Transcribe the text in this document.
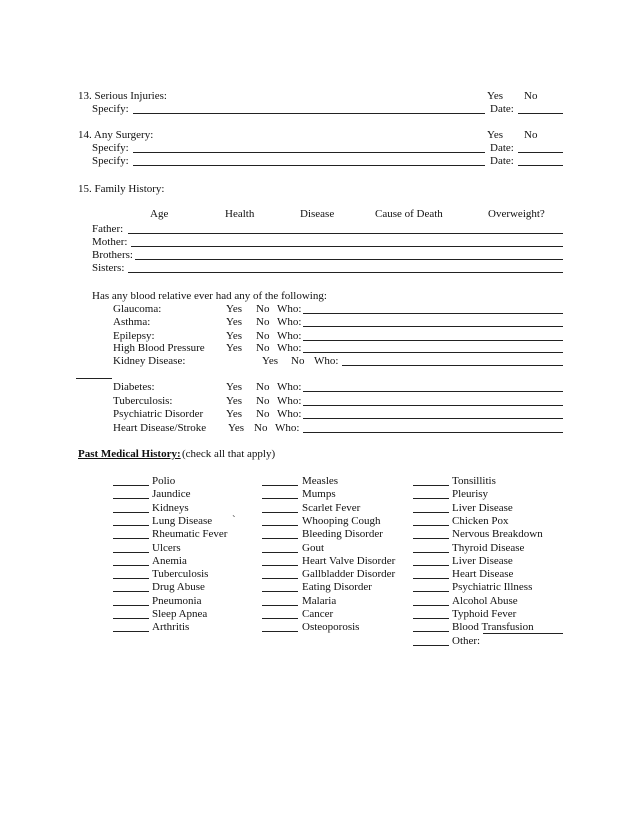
13. Serious Injuries:	Yes No
Specify:	Date:
14. Any Surgery:	Yes No
Specify:	Date:
Specify:	Date:
15. Family History:
Age	Health	Disease	Cause of Death	Overweight?
Father:
Mother:
Brothers:
Sisters:
Has any blood relative ever had any of the following:
Glaucoma:	Yes No Who:
Asthma:	Yes No Who:
Epilepsy:	Yes No Who:
High Blood Pressure Yes No Who:
Kidney Disease:	Yes No Who:
Diabetes:	Yes No Who:
Tuberculosis:	Yes No Who:
Psychiatric Disorder Yes No Who:
Heart Disease/Stroke Yes No Who:
Past Medical History: (check all that apply)
Polio
Jaundice
Kidneys
Lung Disease
Rheumatic Fever
Ulcers
Anemia
Tuberculosis
Drug Abuse
Pneumonia
Sleep Apnea
Arthritis
Measles
Mumps
Scarlet Fever
Whooping Cough
Bleeding Disorder
Gout
Heart Valve Disorder
Gallbladder Disorder
Eating Disorder
Malaria
Cancer
Osteoporosis
Tonsillitis
Pleurisy
Liver Disease
Chicken Pox
Nervous Breakdown
Thyroid Disease
Liver Disease
Heart Disease
Psychiatric Illness
Alcohol Abuse
Typhoid Fever
Blood Transfusion
Other:
`
